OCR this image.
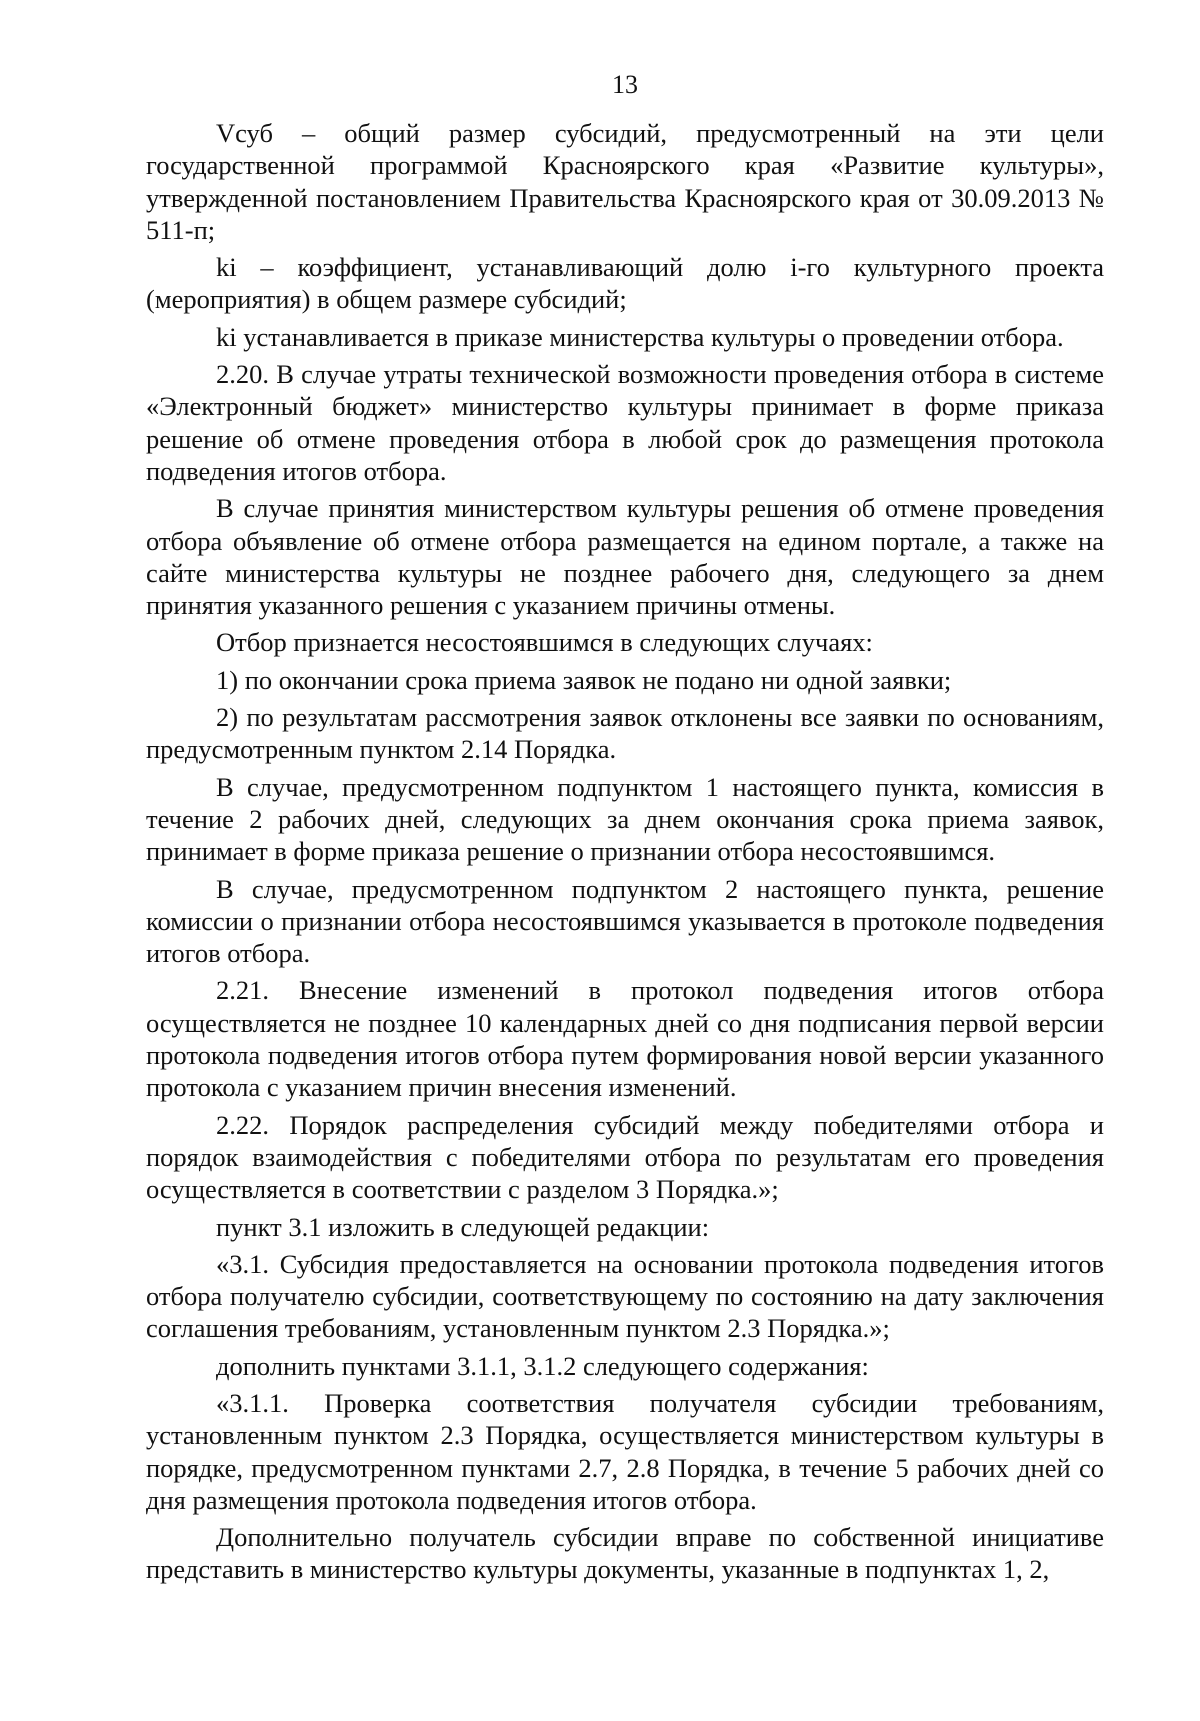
13

Vсуб – общий размер субсидий, предусмотренный на эти цели государственной программой Красноярского края «Развитие культуры», утвержденной постановлением Правительства Красноярского края от 30.09.2013 № 511-п;

ki – коэффициент, устанавливающий долю i-го культурного проекта (мероприятия) в общем размере субсидий;

ki устанавливается в приказе министерства культуры о проведении отбора.

2.20. В случае утраты технической возможности проведения отбора в системе «Электронный бюджет» министерство культуры принимает в форме приказа решение об отмене проведения отбора в любой срок до размещения протокола подведения итогов отбора.

В случае принятия министерством культуры решения об отмене проведения отбора объявление об отмене отбора размещается на едином портале, а также на сайте министерства культуры не позднее рабочего дня, следующего за днем принятия указанного решения с указанием причины отмены.

Отбор признается несостоявшимся в следующих случаях:

1) по окончании срока приема заявок не подано ни одной заявки;

2) по результатам рассмотрения заявок отклонены все заявки по основаниям, предусмотренным пунктом 2.14 Порядка.

В случае, предусмотренном подпунктом 1 настоящего пункта, комиссия в течение 2 рабочих дней, следующих за днем окончания срока приема заявок, принимает в форме приказа решение о признании отбора несостоявшимся.

В случае, предусмотренном подпунктом 2 настоящего пункта, решение комиссии о признании отбора несостоявшимся указывается в протоколе подведения итогов отбора.

2.21. Внесение изменений в протокол подведения итогов отбора осуществляется не позднее 10 календарных дней со дня подписания первой версии протокола подведения итогов отбора путем формирования новой версии указанного протокола с указанием причин внесения изменений.

2.22. Порядок распределения субсидий между победителями отбора и порядок взаимодействия с победителями отбора по результатам его проведения осуществляется в соответствии с разделом 3 Порядка.»;

пункт 3.1 изложить в следующей редакции:

«3.1. Субсидия предоставляется на основании протокола подведения итогов отбора получателю субсидии, соответствующему по состоянию на дату заключения соглашения требованиям, установленным пунктом 2.3 Порядка.»;

дополнить пунктами 3.1.1, 3.1.2 следующего содержания:

«3.1.1. Проверка соответствия получателя субсидии требованиям, установленным пунктом 2.3 Порядка, осуществляется министерством культуры в порядке, предусмотренном пунктами 2.7, 2.8 Порядка, в течение 5 рабочих дней со дня размещения протокола подведения итогов отбора.

Дополнительно получатель субсидии вправе по собственной инициативе представить в министерство культуры документы, указанные в подпунктах 1, 2,
